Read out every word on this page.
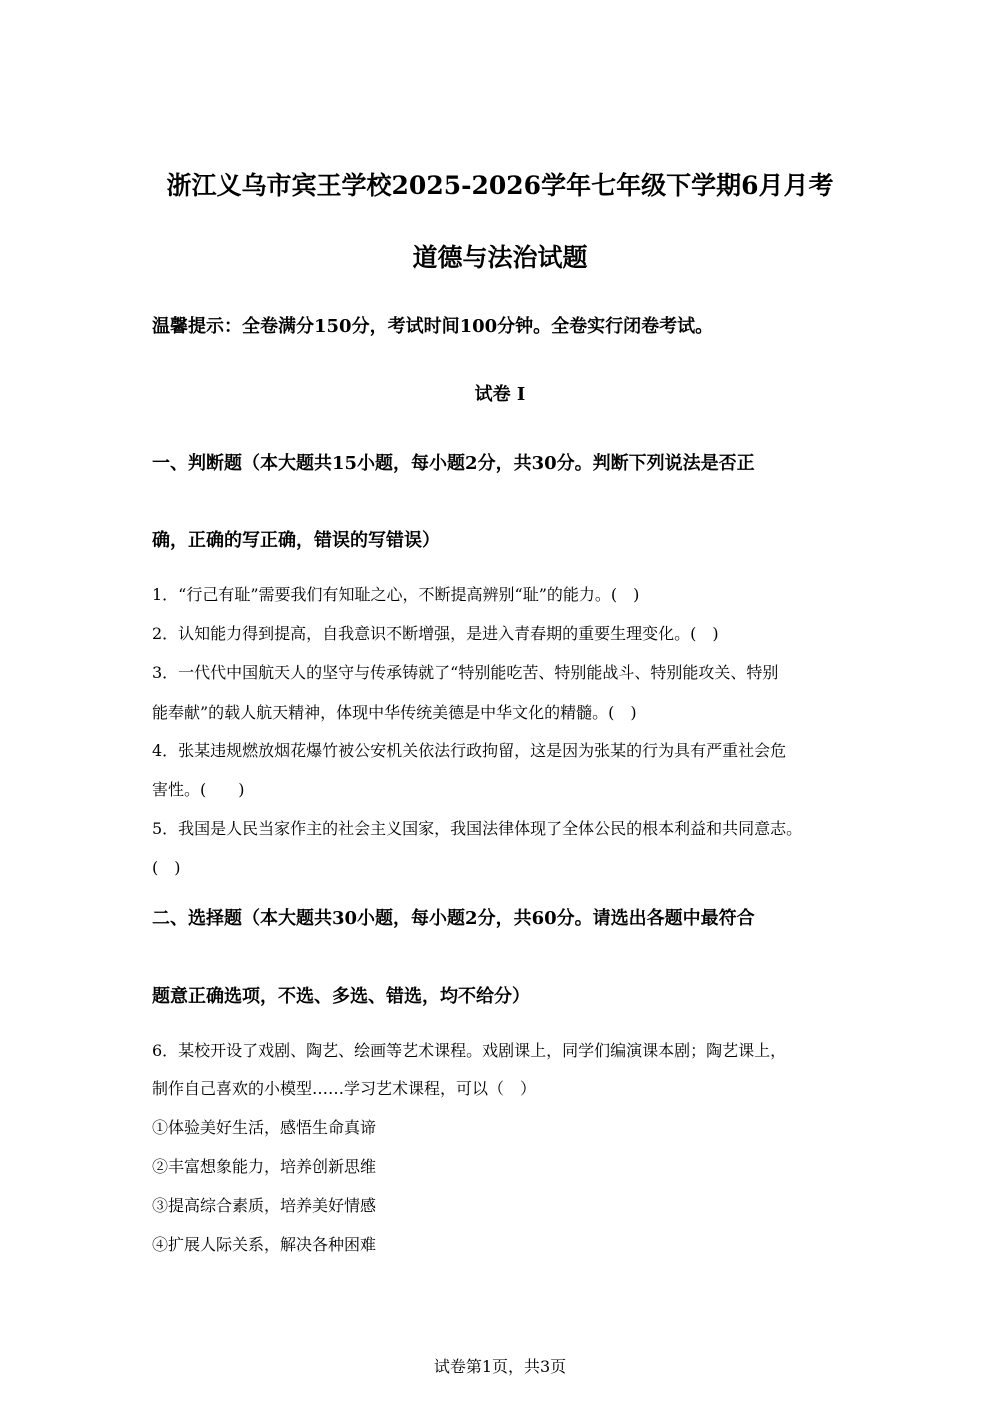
浙江义乌市宾王学校2025-2026学年七年级下学期6月月考
道德与法治试题
温馨提示：全卷满分150分，考试时间100分钟。全卷实行闭卷考试。
试卷 I
一、判断题（本大题共15小题，每小题2分，共30分。判断下列说法是否正
确，正确的写正确，错误的写错误）
1．“行己有耻”需要我们有知耻之心，不断提高辨别“耻”的能力。(　)
2．认知能力得到提高，自我意识不断增强，是进入青春期的重要生理变化。(　)
3．一代代中国航天人的坚守与传承铸就了“特别能吃苦、特别能战斗、特别能攻关、特别
能奉献”的载人航天精神，体现中华传统美德是中华文化的精髓。(　)
4．张某违规燃放烟花爆竹被公安机关依法行政拘留，这是因为张某的行为具有严重社会危
害性。(　　)
5．我国是人民当家作主的社会主义国家，我国法律体现了全体公民的根本利益和共同意志。
(　)
二、选择题（本大题共30小题，每小题2分，共60分。请选出各题中最符合
题意正确选项，不选、多选、错选，均不给分）
6．某校开设了戏剧、陶艺、绘画等艺术课程。戏剧课上，同学们编演课本剧；陶艺课上，
制作自己喜欢的小模型……学习艺术课程，可以（　）
①体验美好生活，感悟生命真谛
②丰富想象能力，培养创新思维
③提高综合素质，培养美好情感
④扩展人际关系，解决各种困难
试卷第1页，共3页
